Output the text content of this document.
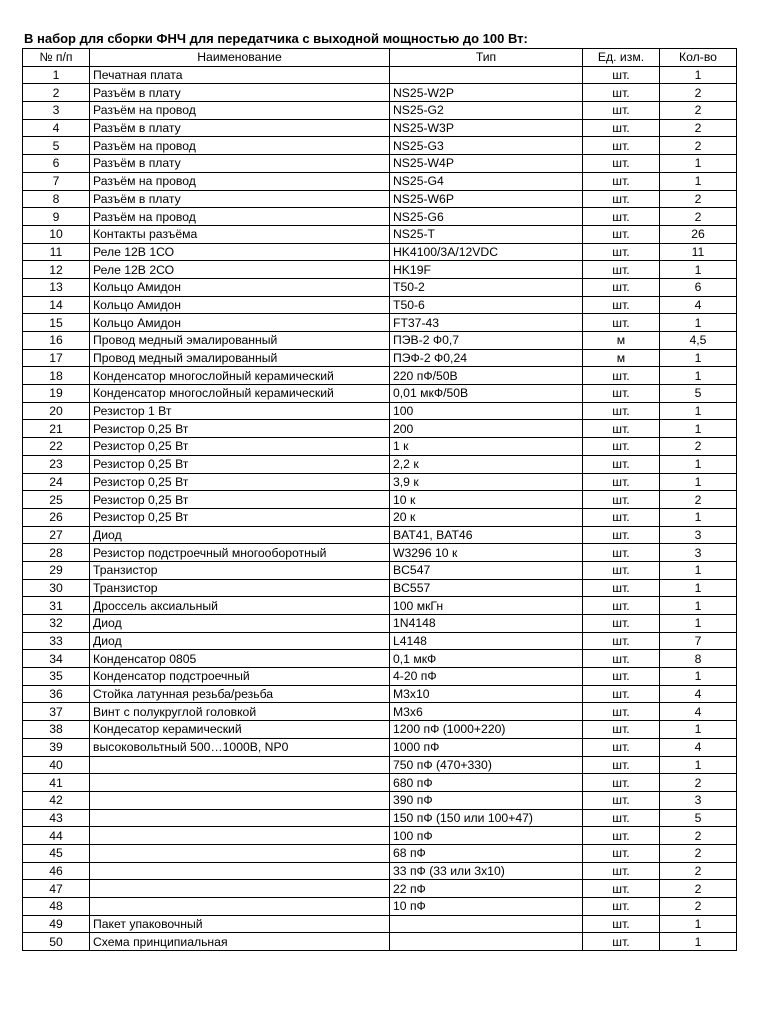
В набор для сборки ФНЧ для передатчика с выходной мощностью до 100 Вт:
№ п/п	Наименование	Тип	Ед. изм.	Кол-во
1	Печатная плата		шт.	1
2	Разъём в плату	NS25-W2P	шт.	2
3	Разъём на провод	NS25-G2	шт.	2
4	Разъём в плату	NS25-W3P	шт.	2
5	Разъём на провод	NS25-G3	шт.	2
6	Разъём в плату	NS25-W4P	шт.	1
7	Разъём на провод	NS25-G4	шт.	1
8	Разъём в плату	NS25-W6P	шт.	2
9	Разъём на провод	NS25-G6	шт.	2
10	Контакты разъёма	NS25-T	шт.	26
11	Реле 12В 1СО	HK4100/3A/12VDC	шт.	11
12	Реле 12В 2СО	HK19F	шт.	1
13	Кольцо Амидон	T50-2	шт.	6
14	Кольцо Амидон	T50-6	шт.	4
15	Кольцо Амидон	FT37-43	шт.	1
16	Провод медный эмалированный	ПЭВ-2 Ф0,7	м	4,5
17	Провод медный эмалированный	ПЭФ-2 Ф0,24	м	1
18	Конденсатор многослойный керамический	220 пФ/50В	шт.	1
19	Конденсатор многослойный керамический	0,01 мкФ/50В	шт.	5
20	Резистор 1 Вт	100	шт.	1
21	Резистор 0,25 Вт	200	шт.	1
22	Резистор 0,25 Вт	1 к	шт.	2
23	Резистор 0,25 Вт	2,2 к	шт.	1
24	Резистор 0,25 Вт	3,9 к	шт.	1
25	Резистор 0,25 Вт	10 к	шт.	2
26	Резистор 0,25 Вт	20 к	шт.	1
27	Диод	BAT41, BAT46	шт.	3
28	Резистор подстроечный многооборотный	W3296 10 к	шт.	3
29	Транзистор	BC547	шт.	1
30	Транзистор	BC557	шт.	1
31	Дроссель аксиальный	100 мкГн	шт.	1
32	Диод	1N4148	шт.	1
33	Диод	L4148	шт.	7
34	Конденсатор 0805	0,1 мкФ	шт.	8
35	Конденсатор подстроечный	4-20 пФ	шт.	1
36	Стойка латунная резьба/резьба	М3х10	шт.	4
37	Винт с полукруглой головкой	М3х6	шт.	4
38	Кондесатор керамический	1200 пФ (1000+220)	шт.	1
39	высоковольтный 500…1000В, NP0	1000 пФ	шт.	4
40		750 пФ (470+330)	шт.	1
41		680 пФ	шт.	2
42		390 пФ	шт.	3
43		150 пФ (150 или 100+47)	шт.	5
44		100 пФ	шт.	2
45		68 пФ	шт.	2
46		33 пФ (33 или 3х10)	шт.	2
47		22 пФ	шт.	2
48		10 пФ	шт.	2
49	Пакет упаковочный		шт.	1
50	Схема принципиальная		шт.	1
